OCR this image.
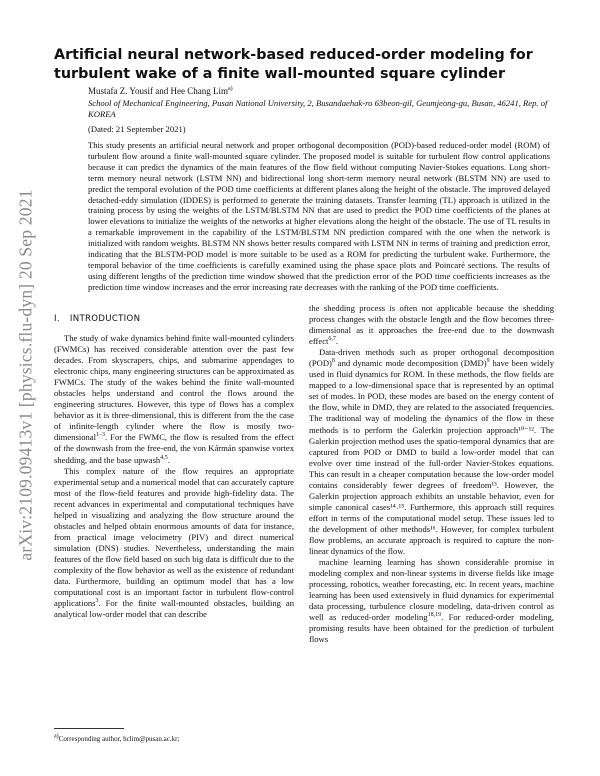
arXiv:2109.09413v1 [physics.flu-dyn] 20 Sep 2021
Artificial neural network-based reduced-order modeling for turbulent wake of a finite wall-mounted square cylinder
Mustafa Z. Yousif and Hee Chang Lim$^{a)}$
School of Mechanical Engineering, Pusan National University, 2, Busandaehak-ro 63beon-gil, Geumjeong-gu, Busan, 46241, Rep. of KOREA
(Dated: 21 September 2021)

This study presents an artificial neural network and proper orthogonal decomposition (POD)-based reduced-order model (ROM) of turbulent flow around a finite wall-mounted square cylinder. The proposed model is suitable for turbulent flow control applications because it can predict the dynamics of the main features of the flow field without computing Navier-Stokes equations. Long short-term memory neural network (LSTM NN) and bidirectional long short-term memory neural network (BLSTM NN) are used to predict the temporal evolution of the POD time coefficients at different planes along the height of the obstacle. The improved delayed detached-eddy simulation (IDDES) is performed to generate the training datasets. Transfer learning (TL) approach is utilized in the training process by using the weights of the LSTM/BLSTM NN that are used to predict the POD time coefficients of the planes at lower elevations to initialize the weights of the networks at higher elevations along the height of the obstacle. The use of TL results in a remarkable improvement in the capability of the LSTM/BLSTM NN prediction compared with the one when the network is initialized with random weights. BLSTM NN shows better results compared with LSTM NN in terms of training and prediction error, indicating that the BLSTM-POD model is more suitable to be used as a ROM for predicting the turbulent wake. Furthermore, the temporal behavior of the time coefficients is carefully examined using the phase space plots and Poincaré sections. The results of using different lengths of the prediction time window showed that the prediction error of the POD time coefficients increases as the prediction time window increases and the error increasing rate decreases with the ranking of the POD time coefficients.

I. INTRODUCTION

The study of wake dynamics behind finite wall-mounted cylinders (FWMCs) has received considerable attention over the past few decades. From skyscrapers, chips, and submarine appendages to electronic chips, many engineering structures can be approximated as FWMCs. The study of the wakes behind the finite wall-mounted obstacles helps understand and control the flows around the engineering structures. However, this type of flows has a complex behavior as it is three-dimensional, this is different from the the case of infinite-length cylinder where the flow is mostly two-dimensional$^{1-3}$. For the FWMC, the flow is resulted from the effect of the downwash from the free-end, the von Kármán spanwise vortex shedding, and the base upwash$^{4,5}$.

This complex nature of the flow requires an appropriate experimental setup and a numerical model that can accurately capture most of the flow-field features and provide high-fidelity data. The recent advances in experimental and computational techniques have helped in visualizing and analyzing the flow structure around the obstacles and helped obtain enormous amounts of data for instance, from practical image velocimetry (PIV) and direct numerical simulation (DNS) studies. Nevertheless, understanding the main features of the flow field based on such big data is difficult due to the complexity of the flow behavior as well as the existence of redundant data. Furthermore, building an optimum model that has a low computational cost is an important factor in turbulent flow-control applications$^3$. For the finite wall-mounted obstacles, building an analytical low-order model that can describe

the shedding process is often not applicable because the shedding process changes with the obstacle length and the flow becomes three-dimensional as it approaches the free-end due to the downwash effect$^{6,7}$.

Data-driven methods such as proper orthogonal decomposition (POD)$^8$ and dynamic mode decomposition (DMD)$^9$ have been widely used in fluid dynamics for ROM. In these methods, the flow fields are mapped to a low-dimensional space that is represented by an optimal set of modes. In POD, these modes are based on the energy content of the flow, while in DMD, they are related to the associated frequencies. The traditional way of modeling the dynamics of the flow in these methods is to perform the Galerkin projection approach¹⁰⁻¹². The Galerkin projection method uses the spatio-temporal dynamics that are captured from POD or DMD to build a low-order model that can evolve over time instead of the full-order Navier-Stokes equations. This can result in a cheaper computation because the low-order model contains considerably fewer degrees of freedom¹³. However, the Galerkin projection approach exhibits an unstable behavior, even for simple canonical cases¹⁴˒¹⁵. Furthermore, this approach still requires effort in terms of the computational model setup. These issues led to the development of other methods¹⁶. However, for complex turbulent flow problems, an accurate approach is required to capture the non-linear dynamics of the flow.

machine learning learning has shown considerable promise in modeling complex and non-linear systems in diverse fields like image processing, robotics, weather forecasting, etc. In recent years, machine learning has been used extensively in fluid dynamics for experimental data processing, turbulence closure modeling, data-driven control as well as reduced-order modeling$^{18,19}$. For reduced-order modeling, promising results have been obtained for the prediction of turbulent flows

$^{a)}$Corresponding author, hclim@pusan.ac.kr;
